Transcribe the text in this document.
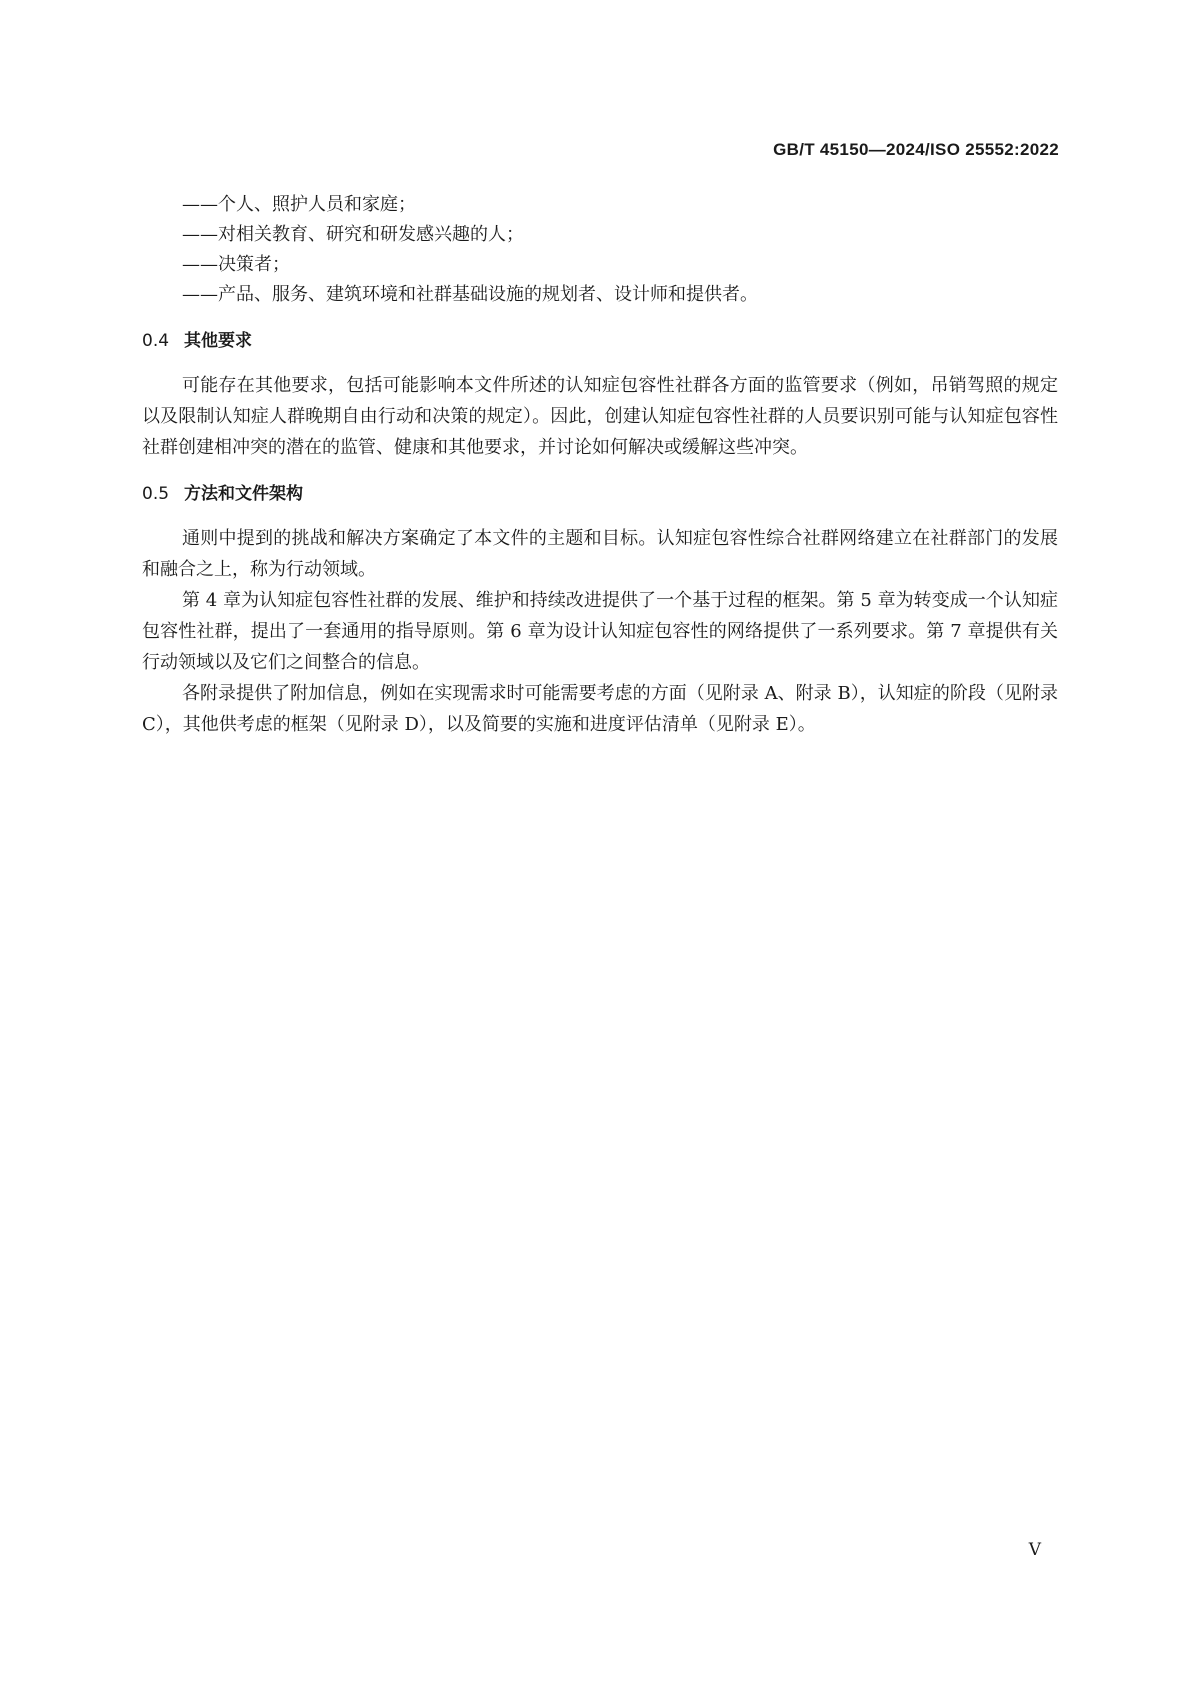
GB/T 45150—2024/ISO 25552:2022
——个人、照护人员和家庭；
——对相关教育、研究和研发感兴趣的人；
——决策者；
——产品、服务、建筑环境和社群基础设施的规划者、设计师和提供者。
0.4 其他要求

可能存在其他要求，包括可能影响本文件所述的认知症包容性社群各方面的监管要求（例如，吊销驾照的规定以及限制认知症人群晚期自由行动和决策的规定）。因此，创建认知症包容性社群的人员要识别可能与认知症包容性社群创建相冲突的潜在的监管、健康和其他要求，并讨论如何解决或缓解这些冲突。

0.5 方法和文件架构

通则中提到的挑战和解决方案确定了本文件的主题和目标。认知症包容性综合社群网络建立在社群部门的发展和融合之上，称为行动领域。

第 4 章为认知症包容性社群的发展、维护和持续改进提供了一个基于过程的框架。第 5 章为转变成一个认知症包容性社群，提出了一套通用的指导原则。第 6 章为设计认知症包容性的网络提供了一系列要求。第 7 章提供有关行动领域以及它们之间整合的信息。

各附录提供了附加信息，例如在实现需求时可能需要考虑的方面（见附录 A、附录 B），认知症的阶段（见附录 C），其他供考虑的框架（见附录 D），以及简要的实施和进度评估清单（见附录 E）。

V
